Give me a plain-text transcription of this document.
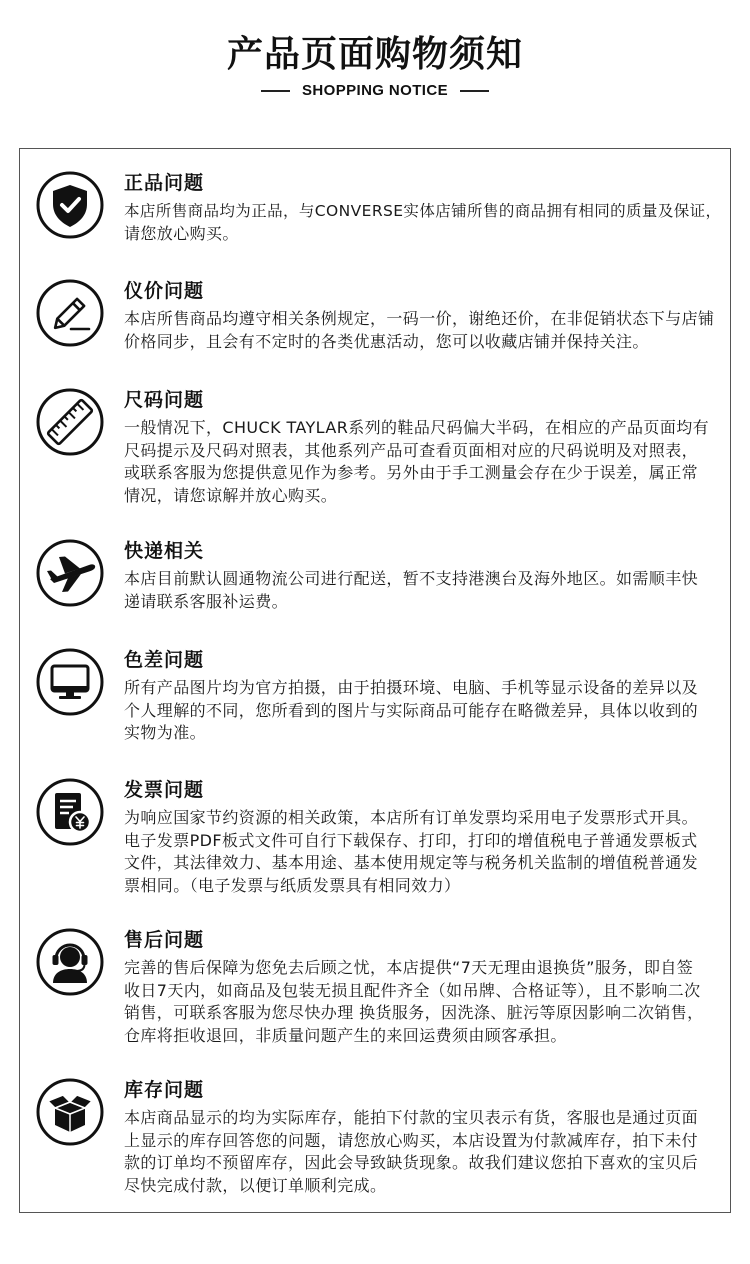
产品页面购物须知
SHOPPING NOTICE
正品问题
本店所售商品均为正品，与CONVERSE实体店铺所售的商品拥有相同的质量及保证，
请您放心购买。
仪价问题
本店所售商品均遵守相关条例规定，一码一价，谢绝还价，在非促销状态下与店铺
价格同步，且会有不定时的各类优惠活动，您可以收藏店铺并保持关注。
尺码问题
一般情况下，CHUCK TAYLAR系列的鞋品尺码偏大半码，在相应的产品页面均有
尺码提示及尺码对照表，其他系列产品可查看页面相对应的尺码说明及对照表，
或联系客服为您提供意见作为参考。另外由于手工测量会存在少于误差，属正常
情况，请您谅解并放心购买。
快递相关
本店目前默认圆通物流公司进行配送，暂不支持港澳台及海外地区。如需顺丰快
递请联系客服补运费。
色差问题
所有产品图片均为官方拍摄，由于拍摄环境、电脑、手机等显示设备的差异以及
个人理解的不同，您所看到的图片与实际商品可能存在略微差异，具体以收到的
实物为准。
发票问题
为响应国家节约资源的相关政策，本店所有订单发票均采用电子发票形式开具。
电子发票PDF板式文件可自行下载保存、打印，打印的增值税电子普通发票板式
文件，其法律效力、基本用途、基本使用规定等与税务机关监制的增值税普通发
票相同。（电子发票与纸质发票具有相同效力）
售后问题
完善的售后保障为您免去后顾之忧，本店提供“7天无理由退换货”服务，即自签
收日7天内，如商品及包装无损且配件齐全（如吊牌、合格证等），且不影响二次
销售，可联系客服为您尽快办理 换货服务，因洗涤、脏污等原因影响二次销售，
仓库将拒收退回，非质量问题产生的来回运费须由顾客承担。
库存问题
本店商品显示的均为实际库存，能拍下付款的宝贝表示有货，客服也是通过页面
上显示的库存回答您的问题，请您放心购买，本店设置为付款减库存，拍下未付
款的订单均不预留库存，因此会导致缺货现象。故我们建议您拍下喜欢的宝贝后
尽快完成付款，以便订单顺利完成。
